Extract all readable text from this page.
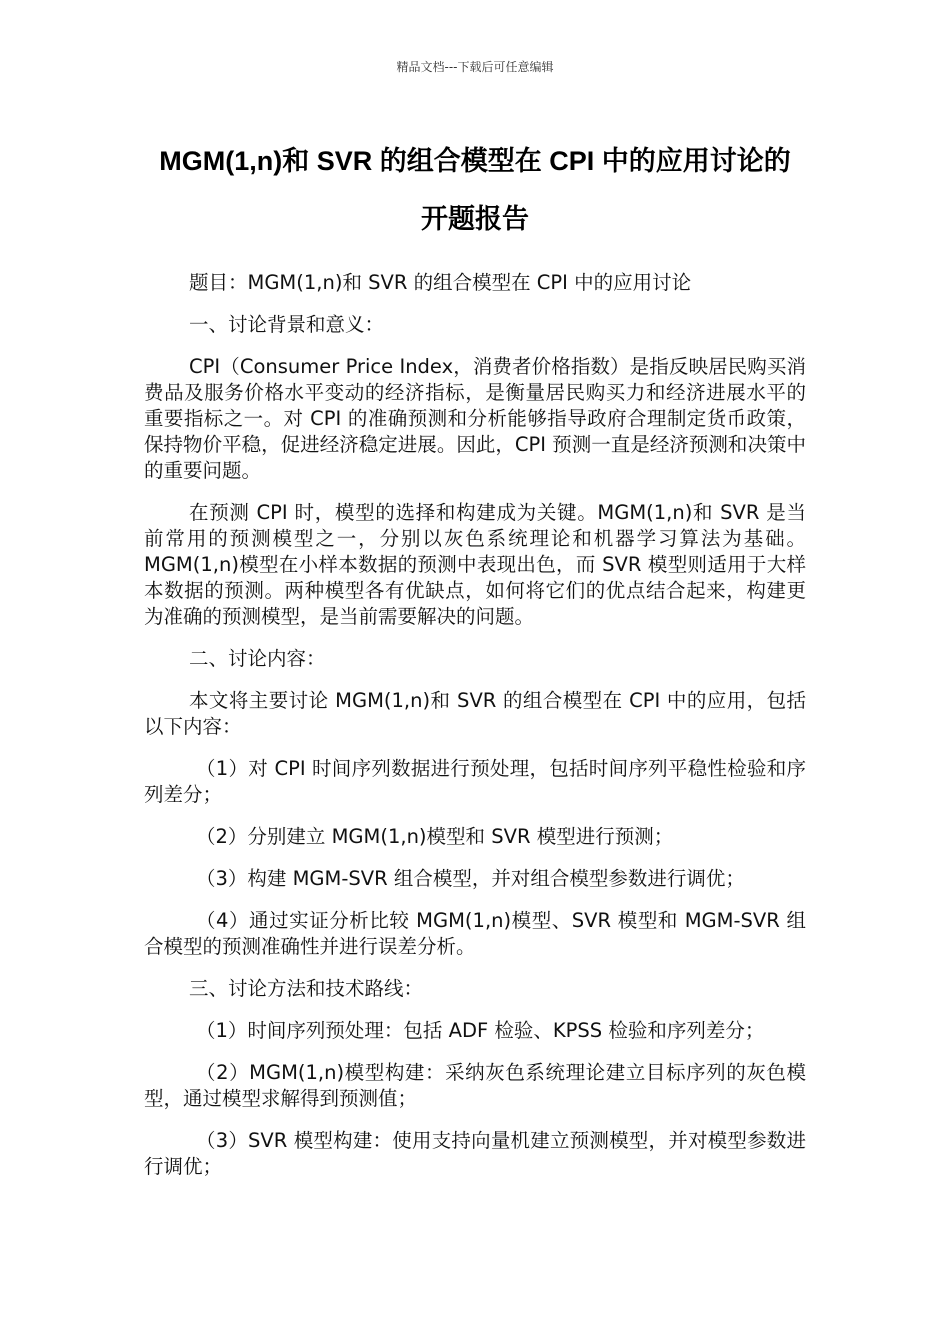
精品文档---下载后可任意编辑
MGM(1,n)和 SVR 的组合模型在 CPI 中的应用讨论的
开题报告

题目：MGM(1,n)和 SVR 的组合模型在 CPI 中的应用讨论

一、讨论背景和意义：

CPI（Consumer Price Index，消费者价格指数）是指反映居民购买消费品及服务价格水平变动的经济指标，是衡量居民购买力和经济进展水平的重要指标之一。对 CPI 的准确预测和分析能够指导政府合理制定货币政策，保持物价平稳，促进经济稳定进展。因此，CPI 预测一直是经济预测和决策中的重要问题。

在预测 CPI 时，模型的选择和构建成为关键。MGM(1,n)和 SVR 是当前常用的预测模型之一，分别以灰色系统理论和机器学习算法为基础。MGM(1,n)模型在小样本数据的预测中表现出色，而 SVR 模型则适用于大样本数据的预测。两种模型各有优缺点，如何将它们的优点结合起来，构建更为准确的预测模型，是当前需要解决的问题。

二、讨论内容：

本文将主要讨论 MGM(1,n)和 SVR 的组合模型在 CPI 中的应用，包括以下内容：

（1）对 CPI 时间序列数据进行预处理，包括时间序列平稳性检验和序列差分；

（2）分别建立 MGM(1,n)模型和 SVR 模型进行预测；

（3）构建 MGM-SVR 组合模型，并对组合模型参数进行调优；

（4）通过实证分析比较 MGM(1,n)模型、SVR 模型和 MGM-SVR 组合模型的预测准确性并进行误差分析。

三、讨论方法和技术路线：

（1）时间序列预处理：包括 ADF 检验、KPSS 检验和序列差分；

（2）MGM(1,n)模型构建：采纳灰色系统理论建立目标序列的灰色模型，通过模型求解得到预测值；

（3）SVR 模型构建：使用支持向量机建立预测模型，并对模型参数进行调优；
